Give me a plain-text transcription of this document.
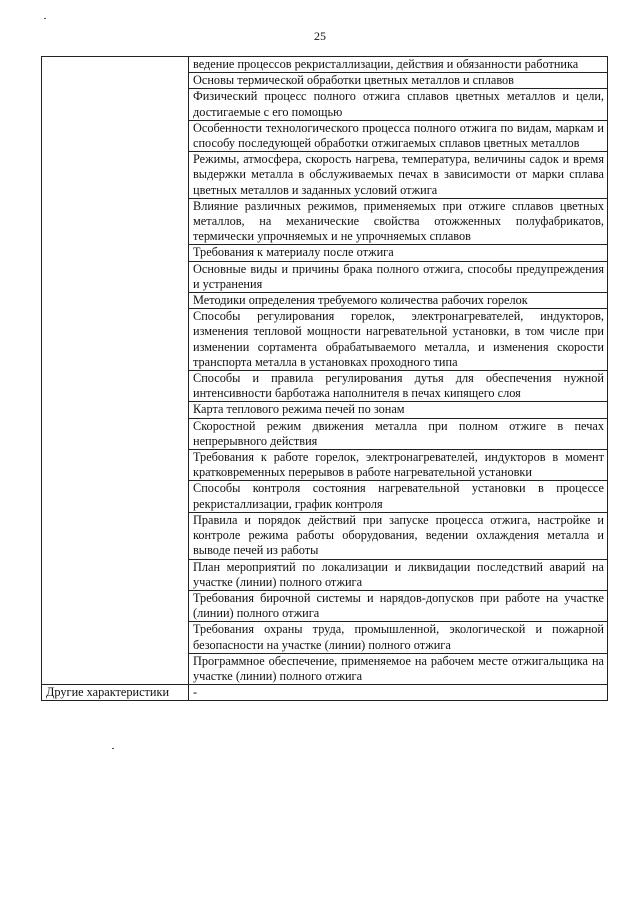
25
	ведение процессов рекристаллизации, действия и обязанности работника
	Основы термической обработки цветных металлов и сплавов
	Физический процесс полного отжига сплавов цветных металлов и цели, достигаемые с его помощью
	Особенности технологического процесса полного отжига по видам, маркам и способу последующей обработки отжигаемых сплавов цветных металлов
	Режимы, атмосфера, скорость нагрева, температура, величины садок и время выдержки металла в обслуживаемых печах в зависимости от марки сплава цветных металлов и заданных условий отжига
	Влияние различных режимов, применяемых при отжиге сплавов цветных металлов, на механические свойства отожженных полуфабрикатов, термически упрочняемых и не упрочняемых сплавов
	Требования к материалу после отжига
	Основные виды и причины брака полного отжига, способы предупреждения и устранения
	Методики определения требуемого количества рабочих горелок
	Способы регулирования горелок, электронагревателей, индукторов, изменения тепловой мощности нагревательной установки, в том числе при изменении сортамента обрабатываемого металла, и изменения скорости транспорта металла в установках проходного типа
	Способы и правила регулирования дутья для обеспечения нужной интенсивности барботажа наполнителя в печах кипящего слоя
	Карта теплового режима печей по зонам
	Скоростной режим движения металла при полном отжиге в печах непрерывного действия
	Требования к работе горелок, электронагревателей, индукторов в момент кратковременных перерывов в работе нагревательной установки
	Способы контроля состояния нагревательной установки в процессе рекристаллизации, график контроля
	Правила и порядок действий при запуске процесса отжига, настройке и контроле режима работы оборудования, ведении охлаждения металла и выводе печей из работы
	План мероприятий по локализации и ликвидации последствий аварий на участке (линии) полного отжига
	Требования бирочной системы и нарядов-допусков при работе на участке (линии) полного отжига
	Требования охраны труда, промышленной, экологической и пожарной безопасности на участке (линии) полного отжига
	Программное обеспечение, применяемое на рабочем месте отжигальщика на участке (линии) полного отжига
Другие характеристики	-
